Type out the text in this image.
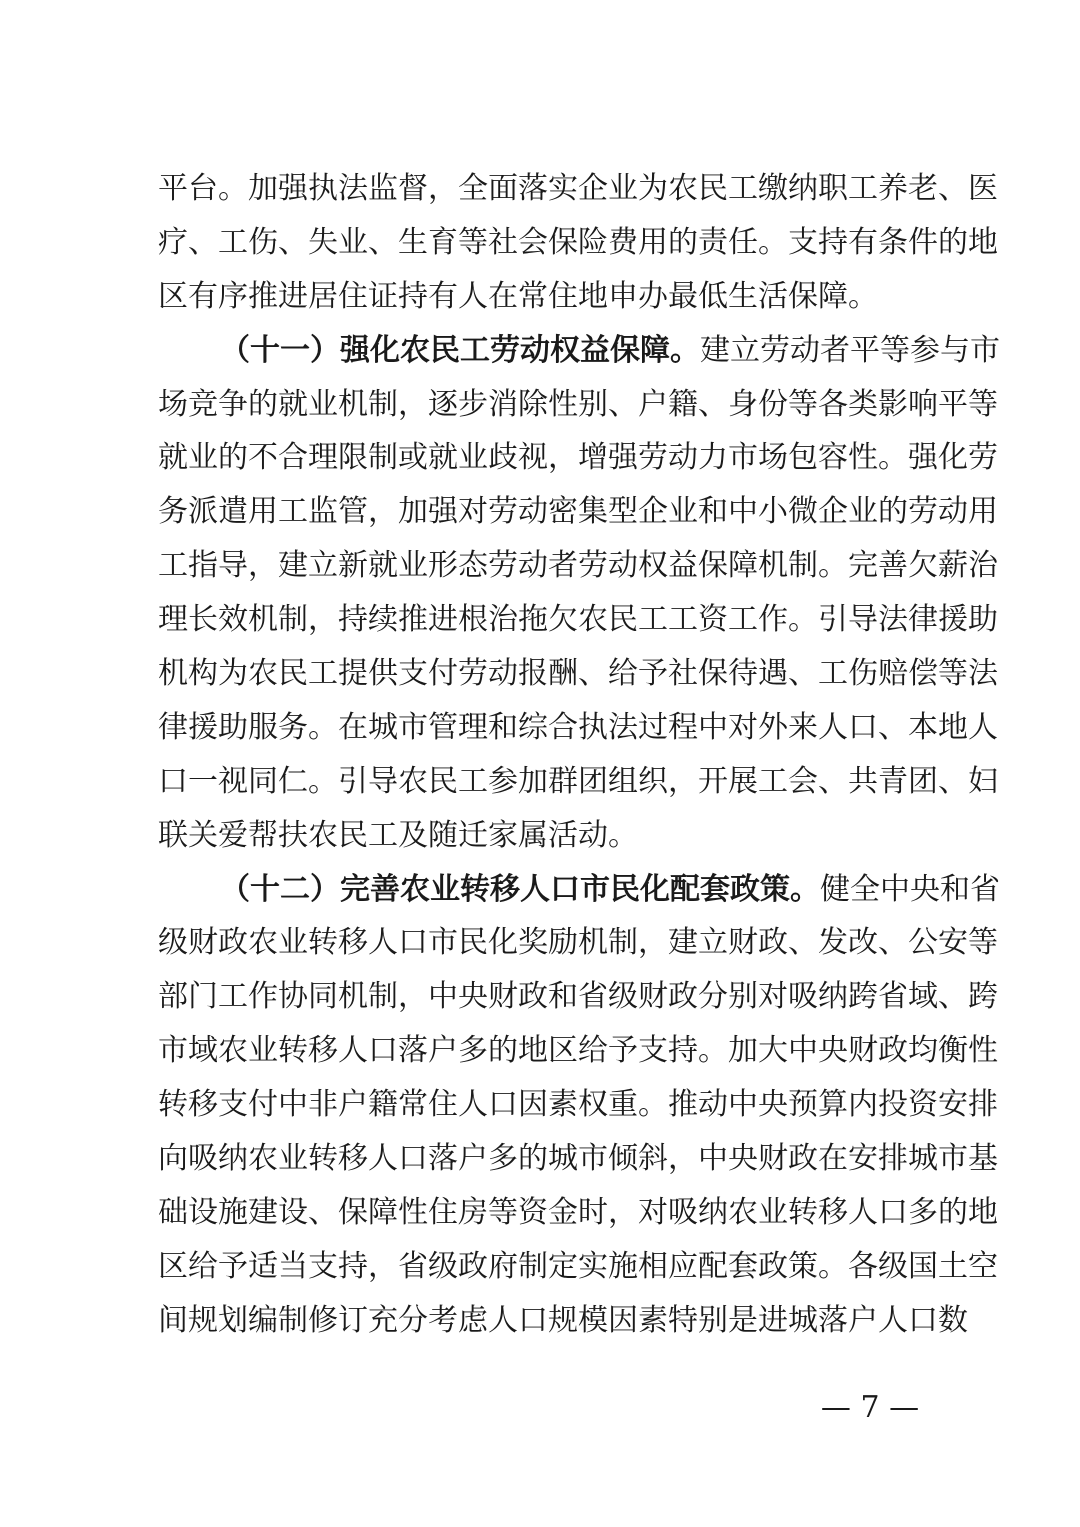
平台。加强执法监督，全面落实企业为农民工缴纳职工养老、医
疗、工伤、失业、生育等社会保险费用的责任。支持有条件的地
区有序推进居住证持有人在常住地申办最低生活保障。
（十一）强化农民工劳动权益保障。建立劳动者平等参与市
场竞争的就业机制，逐步消除性别、户籍、身份等各类影响平等
就业的不合理限制或就业歧视，增强劳动力市场包容性。强化劳
务派遣用工监管，加强对劳动密集型企业和中小微企业的劳动用
工指导，建立新就业形态劳动者劳动权益保障机制。完善欠薪治
理长效机制，持续推进根治拖欠农民工工资工作。引导法律援助
机构为农民工提供支付劳动报酬、给予社保待遇、工伤赔偿等法
律援助服务。在城市管理和综合执法过程中对外来人口、本地人
口一视同仁。引导农民工参加群团组织，开展工会、共青团、妇
联关爱帮扶农民工及随迁家属活动。
（十二）完善农业转移人口市民化配套政策。健全中央和省
级财政农业转移人口市民化奖励机制，建立财政、发改、公安等
部门工作协同机制，中央财政和省级财政分别对吸纳跨省域、跨
市域农业转移人口落户多的地区给予支持。加大中央财政均衡性
转移支付中非户籍常住人口因素权重。推动中央预算内投资安排
向吸纳农业转移人口落户多的城市倾斜，中央财政在安排城市基
础设施建设、保障性住房等资金时，对吸纳农业转移人口多的地
区给予适当支持，省级政府制定实施相应配套政策。各级国土空
间规划编制修订充分考虑人口规模因素特别是进城落户人口数
— 7 —
